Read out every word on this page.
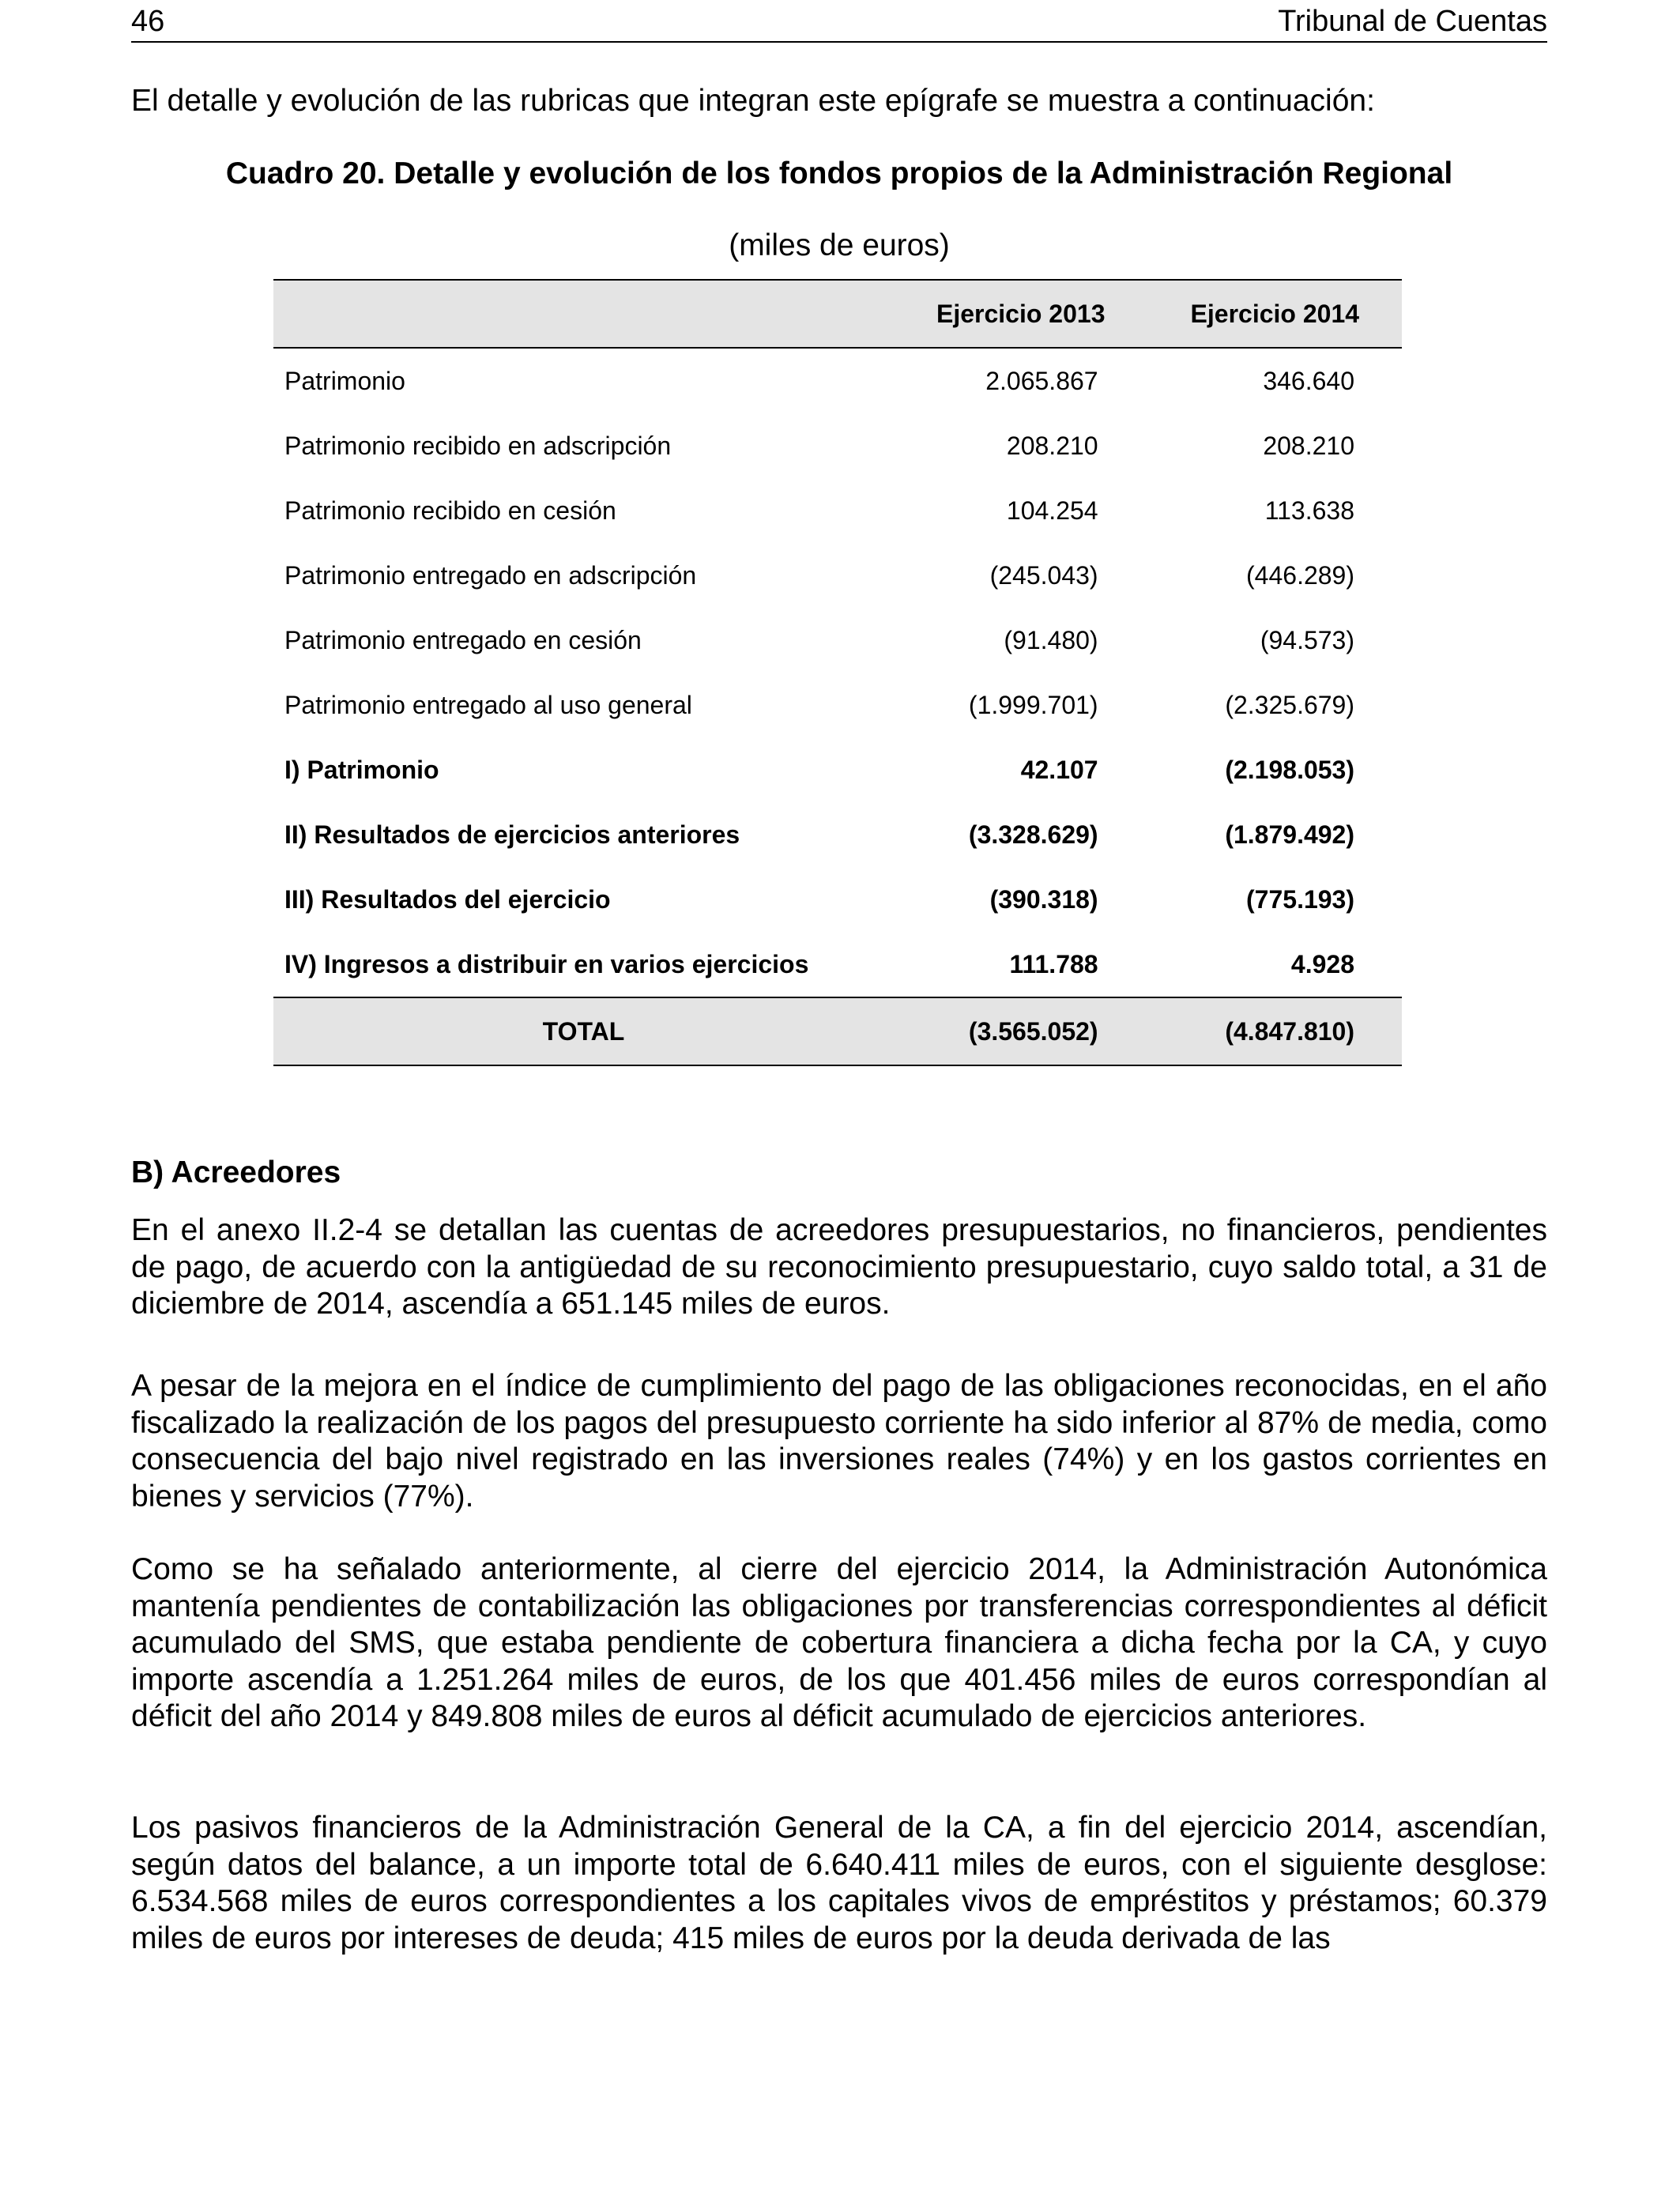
46	Tribunal de Cuentas
El detalle y evolución de las rubricas que integran este epígrafe se muestra a continuación:
Cuadro 20. Detalle y evolución de los fondos propios de la Administración Regional
(miles de euros)
	Ejercicio 2013	Ejercicio 2014
Patrimonio	2.065.867	346.640
Patrimonio recibido en adscripción	208.210	208.210
Patrimonio recibido en cesión	104.254	113.638
Patrimonio entregado en adscripción	(245.043)	(446.289)
Patrimonio entregado en cesión	(91.480)	(94.573)
Patrimonio entregado al uso general	(1.999.701)	(2.325.679)
I) Patrimonio	42.107	(2.198.053)
II) Resultados de ejercicios anteriores	(3.328.629)	(1.879.492)
III) Resultados del ejercicio	(390.318)	(775.193)
IV) Ingresos a distribuir en varios ejercicios	111.788	4.928
TOTAL	(3.565.052)	(4.847.810)
B) Acreedores

En el anexo II.2-4 se detallan las cuentas de acreedores presupuestarios, no financieros, pendientes de pago, de acuerdo con la antigüedad de su reconocimiento presupuestario, cuyo saldo total, a 31 de diciembre de 2014, ascendía a 651.145 miles de euros.

A pesar de la mejora en el índice de cumplimiento del pago de las obligaciones reconocidas, en el año fiscalizado la realización de los pagos del presupuesto corriente ha sido inferior al 87% de media, como consecuencia del bajo nivel registrado en las inversiones reales (74%) y en los gastos corrientes en bienes y servicios (77%).

Como se ha señalado anteriormente, al cierre del ejercicio 2014, la Administración Autonómica mantenía pendientes de contabilización las obligaciones por transferencias correspondientes al déficit acumulado del SMS, que estaba pendiente de cobertura financiera a dicha fecha por la CA, y cuyo importe ascendía a 1.251.264 miles de euros, de los que 401.456 miles de euros correspondían al déficit del año 2014 y 849.808 miles de euros al déficit acumulado de ejercicios anteriores.

Los pasivos financieros de la Administración General de la CA, a fin del ejercicio 2014, ascendían, según datos del balance, a un importe total de 6.640.411 miles de euros, con el siguiente desglose: 6.534.568 miles de euros correspondientes a los capitales vivos de empréstitos y préstamos; 60.379 miles de euros por intereses de deuda; 415 miles de euros por la deuda derivada de las
